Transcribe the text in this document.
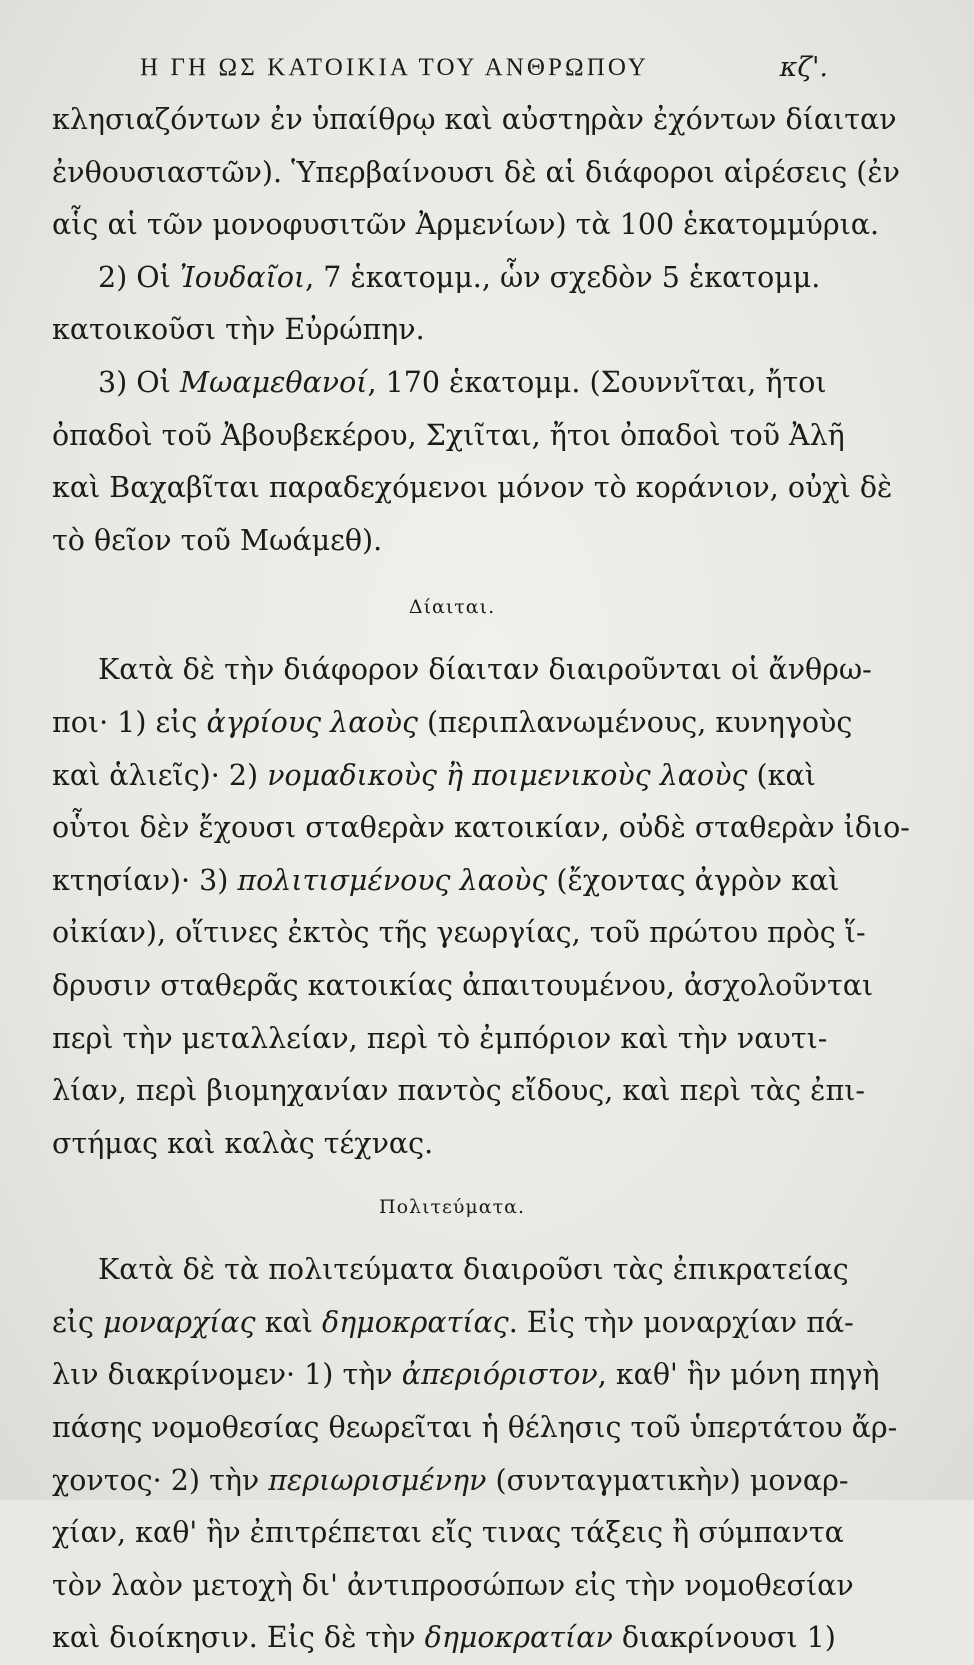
Η ΓΗ ΩΣ ΚΑΤΟΙΚΙΑ ΤΟΥ ΑΝΘΡΩΠΟΥ	κζ'.
κλησιαζόντων ἐν ὑπαίθρῳ καὶ αὐστηρὰν ἐχόντων δίαιταν
ἐνθουσιαστῶν). Ὑπερβαίνουσι δὲ αἱ διάφοροι αἱρέσεις (ἐν
αἷς αἱ τῶν μονοφυσιτῶν Ἀρμενίων) τὰ 100 ἑκατομμύρια.
2) Οἱ Ἰουδαῖοι, 7 ἑκατομμ., ὧν σχεδὸν 5 ἑκατομμ.
κατοικοῦσι τὴν Εὐρώπην.
3) Οἱ Μωαμεθανοί, 170 ἑκατομμ. (Σουννῖται, ἤτοι
ὀπαδοὶ τοῦ Ἀβουβεκέρου, Σχιῖται, ἤτοι ὀπαδοὶ τοῦ Ἀλῆ
καὶ Βαχαβῖται παραδεχόμενοι μόνον τὸ κοράνιον, οὐχὶ δὲ
τὸ θεῖον τοῦ Μωάμεθ).
Δίαιται.
Κατὰ δὲ τὴν διάφορον δίαιταν διαιροῦνται οἱ ἄνθρω-
ποι· 1) εἰς ἀγρίους λαοὺς (περιπλανωμένους, κυνηγοὺς
καὶ ἁλιεῖς)· 2) νομαδικοὺς ἢ ποιμενικοὺς λαοὺς (καὶ
οὗτοι δὲν ἔχουσι σταθερὰν κατοικίαν, οὐδὲ σταθερὰν ἰδιο-
κτησίαν)· 3) πολιτισμένους λαοὺς (ἔχοντας ἀγρὸν καὶ
οἰκίαν), οἵτινες ἐκτὸς τῆς γεωργίας, τοῦ πρώτου πρὸς ἵ-
δρυσιν σταθερᾶς κατοικίας ἀπαιτουμένου, ἀσχολοῦνται
περὶ τὴν μεταλλείαν, περὶ τὸ ἐμπόριον καὶ τὴν ναυτι-
λίαν, περὶ βιομηχανίαν παντὸς εἴδους, καὶ περὶ τὰς ἐπι-
στήμας καὶ καλὰς τέχνας.
Πολιτεύματα.
Κατὰ δὲ τὰ πολιτεύματα διαιροῦσι τὰς ἐπικρατείας
εἰς μοναρχίας καὶ δημοκρατίας. Εἰς τὴν μοναρχίαν πά-
λιν διακρίνομεν· 1) τὴν ἀπεριόριστον, καθ' ἣν μόνη πηγὴ
πάσης νομοθεσίας θεωρεῖται ἡ θέλησις τοῦ ὑπερτάτου ἄρ-
χοντος· 2) τὴν περιωρισμένην (συνταγματικὴν) μοναρ-
χίαν, καθ' ἣν ἐπιτρέπεται εἴς τινας τάξεις ἢ σύμπαντα
τὸν λαὸν μετοχὴ δι' ἀντιπροσώπων εἰς τὴν νομοθεσίαν
καὶ διοίκησιν. Εἰς δὲ τὴν δημοκρατίαν διακρίνουσι 1)
